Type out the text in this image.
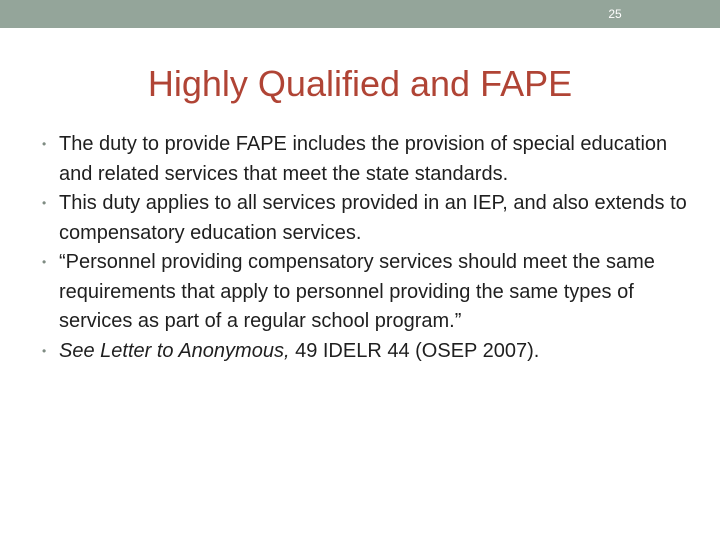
25
Highly Qualified and FAPE
• The duty to provide FAPE includes the provision of special education and related services that meet the state standards.
• This duty applies to all services provided in an IEP, and also extends to compensatory education services.
• “Personnel providing compensatory services should meet the same requirements that apply to personnel providing the same types of services as part of a regular school program.”
• See Letter to Anonymous, 49 IDELR 44 (OSEP 2007).
